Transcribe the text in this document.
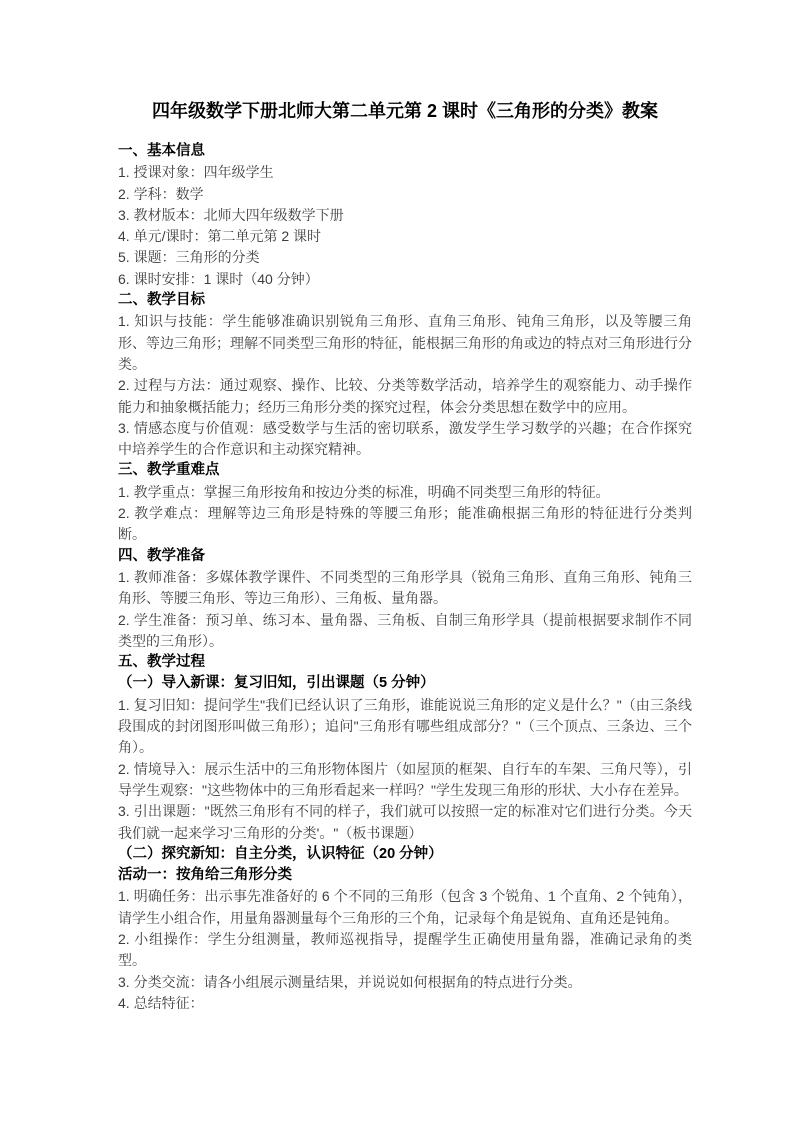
四年级数学下册北师大第二单元第 2 课时《三角形的分类》教案
一、基本信息

1. 授课对象：四年级学生

2. 学科：数学

3. 教材版本：北师大四年级数学下册

4. 单元/课时：第二单元第 2 课时

5. 课题：三角形的分类

6. 课时安排：1 课时（40 分钟）

二、教学目标

1. 知识与技能：学生能够准确识别锐角三角形、直角三角形、钝角三角形，以及等腰三角形、等边三角形；理解不同类型三角形的特征，能根据三角形的角或边的特点对三角形进行分类。

2. 过程与方法：通过观察、操作、比较、分类等数学活动，培养学生的观察能力、动手操作能力和抽象概括能力；经历三角形分类的探究过程，体会分类思想在数学中的应用。

3. 情感态度与价值观：感受数学与生活的密切联系，激发学生学习数学的兴趣；在合作探究中培养学生的合作意识和主动探究精神。

三、教学重难点

1. 教学重点：掌握三角形按角和按边分类的标准，明确不同类型三角形的特征。

2. 教学难点：理解等边三角形是特殊的等腰三角形；能准确根据三角形的特征进行分类判断。

四、教学准备

1. 教师准备：多媒体教学课件、不同类型的三角形学具（锐角三角形、直角三角形、钝角三角形、等腰三角形、等边三角形）、三角板、量角器。

2. 学生准备：预习单、练习本、量角器、三角板、自制三角形学具（提前根据要求制作不同类型的三角形）。

五、教学过程
（一）导入新课：复习旧知，引出课题（5 分钟）

1. 复习旧知：提问学生"我们已经认识了三角形，谁能说说三角形的定义是什么？"（由三条线段围成的封闭图形叫做三角形）；追问"三角形有哪些组成部分？"（三个顶点、三条边、三个角）。

2. 情境导入：展示生活中的三角形物体图片（如屋顶的框架、自行车的车架、三角尺等），引导学生观察："这些物体中的三角形看起来一样吗？"学生发现三角形的形状、大小存在差异。

3. 引出课题："既然三角形有不同的样子，我们就可以按照一定的标准对它们进行分类。今天我们就一起来学习'三角形的分类'。"（板书课题）

（二）探究新知：自主分类，认识特征（20 分钟）
活动一：按角给三角形分类

1. 明确任务：出示事先准备好的 6 个不同的三角形（包含 3 个锐角、1 个直角、2 个钝角），请学生小组合作，用量角器测量每个三角形的三个角，记录每个角是锐角、直角还是钝角。

2. 小组操作：学生分组测量，教师巡视指导，提醒学生正确使用量角器，准确记录角的类型。

3. 分类交流：请各小组展示测量结果，并说说如何根据角的特点进行分类。

4. 总结特征：
